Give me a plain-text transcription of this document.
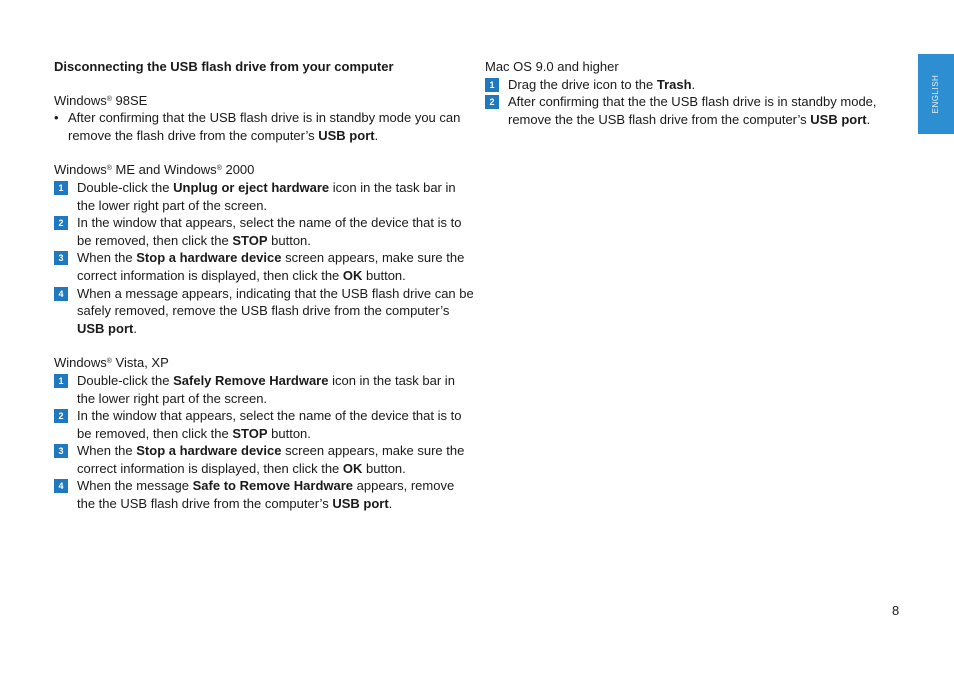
Disconnecting the USB flash drive from your computer

Windows® 98SE

• After confirming that the USB flash drive is in standby mode you can remove the flash drive from the computer’s USB port.

Windows® ME and Windows® 2000

1	Double-click the Unplug or eject hardware icon in the task bar in the lower right part of the screen.
2	In the window that appears, select the name of the device that is to be removed, then click the STOP button.
3	When the Stop a hardware device screen appears, make sure the correct information is displayed, then click the OK button.
4	When a message appears, indicating that the USB flash drive can be safely removed, remove the USB flash drive from the computer’s USB port.

Windows® Vista, XP

1	Double-click the Safely Remove Hardware icon in the task bar in the lower right part of the screen.
2	In the window that appears, select the name of the device that is to be removed, then click the STOP button.
3	When the Stop a hardware device screen appears, make sure the correct information is displayed, then click the OK button.
4	When the message Safe to Remove Hardware appears, remove the the USB flash drive from the computer’s USB port.

Mac OS 9.0 and higher

1	Drag the drive icon to the Trash.
2	After confirming that the the USB flash drive is in standby mode, remove the the USB flash drive from the computer’s USB port.
ENGLISH
8
